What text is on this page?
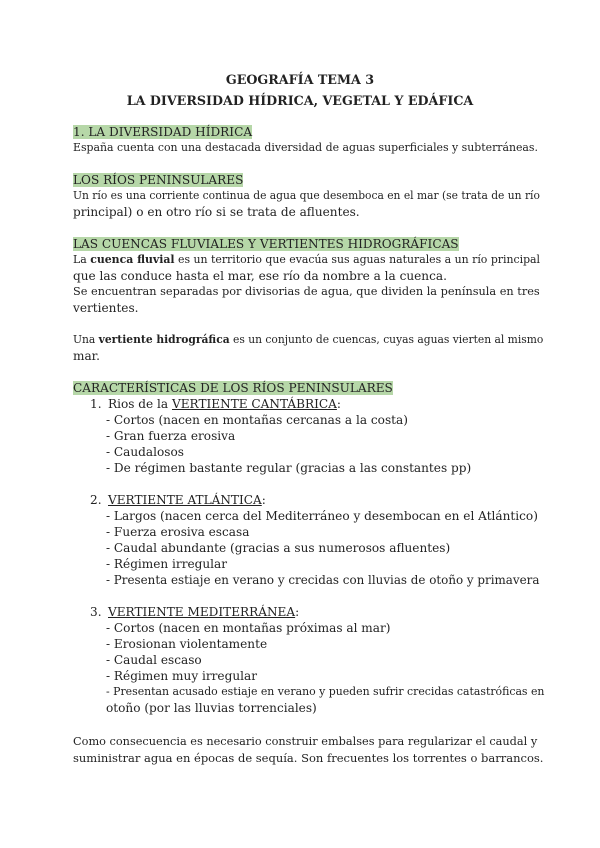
GEOGRAFÍA TEMA 3
LA DIVERSIDAD HÍDRICA, VEGETAL Y EDÁFICA
1. LA DIVERSIDAD HÍDRICA
España cuenta con una destacada diversidad de aguas superficiales y subterráneas.
LOS RÍOS PENINSULARES
Un río es una corriente continua de agua que desemboca en el mar (se trata de un río
principal) o en otro río si se trata de afluentes.
LAS CUENCAS FLUVIALES Y VERTIENTES HIDROGRÁFICAS
La cuenca fluvial es un territorio que evacúa sus aguas naturales a un río principal
que las conduce hasta el mar, ese río da nombre a la cuenca.
Se encuentran separadas por divisorias de agua, que dividen la península en tres
vertientes.
Una vertiente hidrográfica es un conjunto de cuencas, cuyas aguas vierten al mismo
mar.
CARACTERÍSTICAS DE LOS RÍOS PENINSULARES
1. Rios de la VERTIENTE CANTÁBRICA:
- Cortos (nacen en montañas cercanas a la costa)
- Gran fuerza erosiva
- Caudalosos
- De régimen bastante regular (gracias a las constantes pp)
2. VERTIENTE ATLÁNTICA:
- Largos (nacen cerca del Mediterráneo y desembocan en el Atlántico)
- Fuerza erosiva escasa
- Caudal abundante (gracias a sus numerosos afluentes)
- Régimen irregular
- Presenta estiaje en verano y crecidas con lluvias de otoño y primavera
3. VERTIENTE MEDITERRÁNEA:
- Cortos (nacen en montañas próximas al mar)
- Erosionan violentamente
- Caudal escaso
- Régimen muy irregular
- Presentan acusado estiaje en verano y pueden sufrir crecidas catastróficas en
otoño (por las lluvias torrenciales)
Como consecuencia es necesario construir embalses para regularizar el caudal y
suministrar agua en épocas de sequía. Son frecuentes los torrentes o barrancos.
